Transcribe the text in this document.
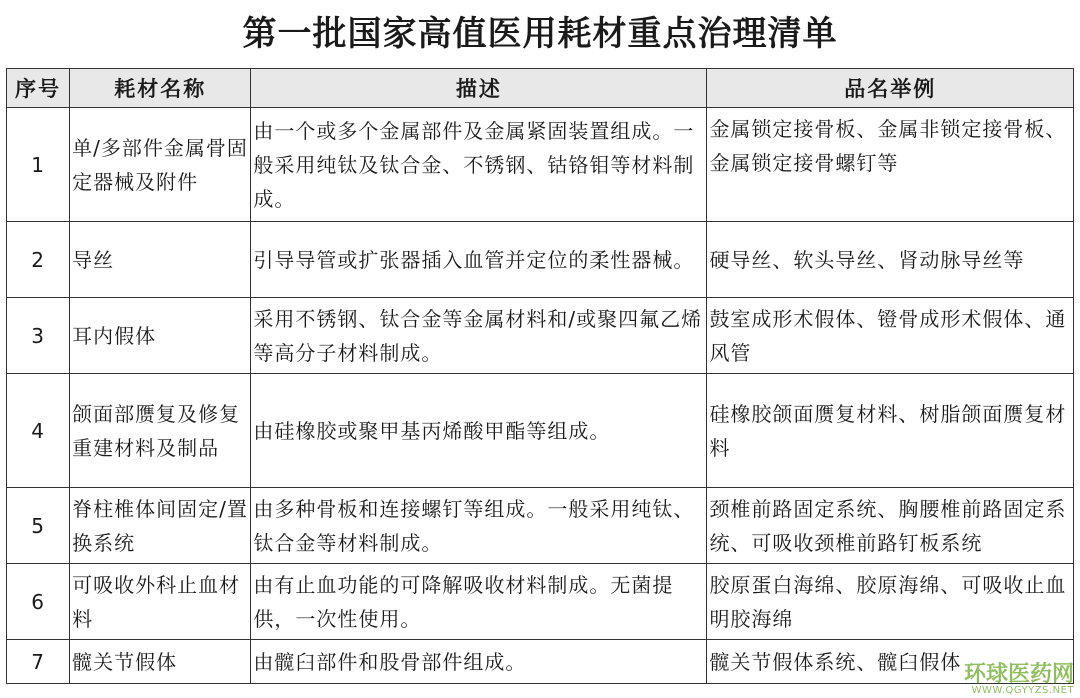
第一批国家高值医用耗材重点治理清单
序号	耗材名称	描述	品名举例
1	单/多部件金属骨固定器械及附件	由一个或多个金属部件及金属紧固装置组成。一般采用纯钛及钛合金、不锈钢、钴铬钼等材料制成。	金属锁定接骨板、金属非锁定接骨板、金属锁定接骨螺钉等
2	导丝	引导导管或扩张器插入血管并定位的柔性器械。	硬导丝、软头导丝、肾动脉导丝等
3	耳内假体	采用不锈钢、钛合金等金属材料和/或聚四氟乙烯等高分子材料制成。	鼓室成形术假体、镫骨成形术假体、通风管
4	颌面部赝复及修复重建材料及制品	由硅橡胶或聚甲基丙烯酸甲酯等组成。	硅橡胶颌面赝复材料、树脂颌面赝复材料
5	脊柱椎体间固定/置换系统	由多种骨板和连接螺钉等组成。一般采用纯钛、钛合金等材料制成。	颈椎前路固定系统、胸腰椎前路固定系统、可吸收颈椎前路钉板系统
6	可吸收外科止血材料	由有止血功能的可降解吸收材料制成。无菌提供，一次性使用。	胶原蛋白海绵、胶原海绵、可吸收止血明胶海绵
7	髋关节假体	由髋臼部件和股骨部件组成。	髋关节假体系统、髋臼假体
环球医药网
WWW.QGYYZS.NET
